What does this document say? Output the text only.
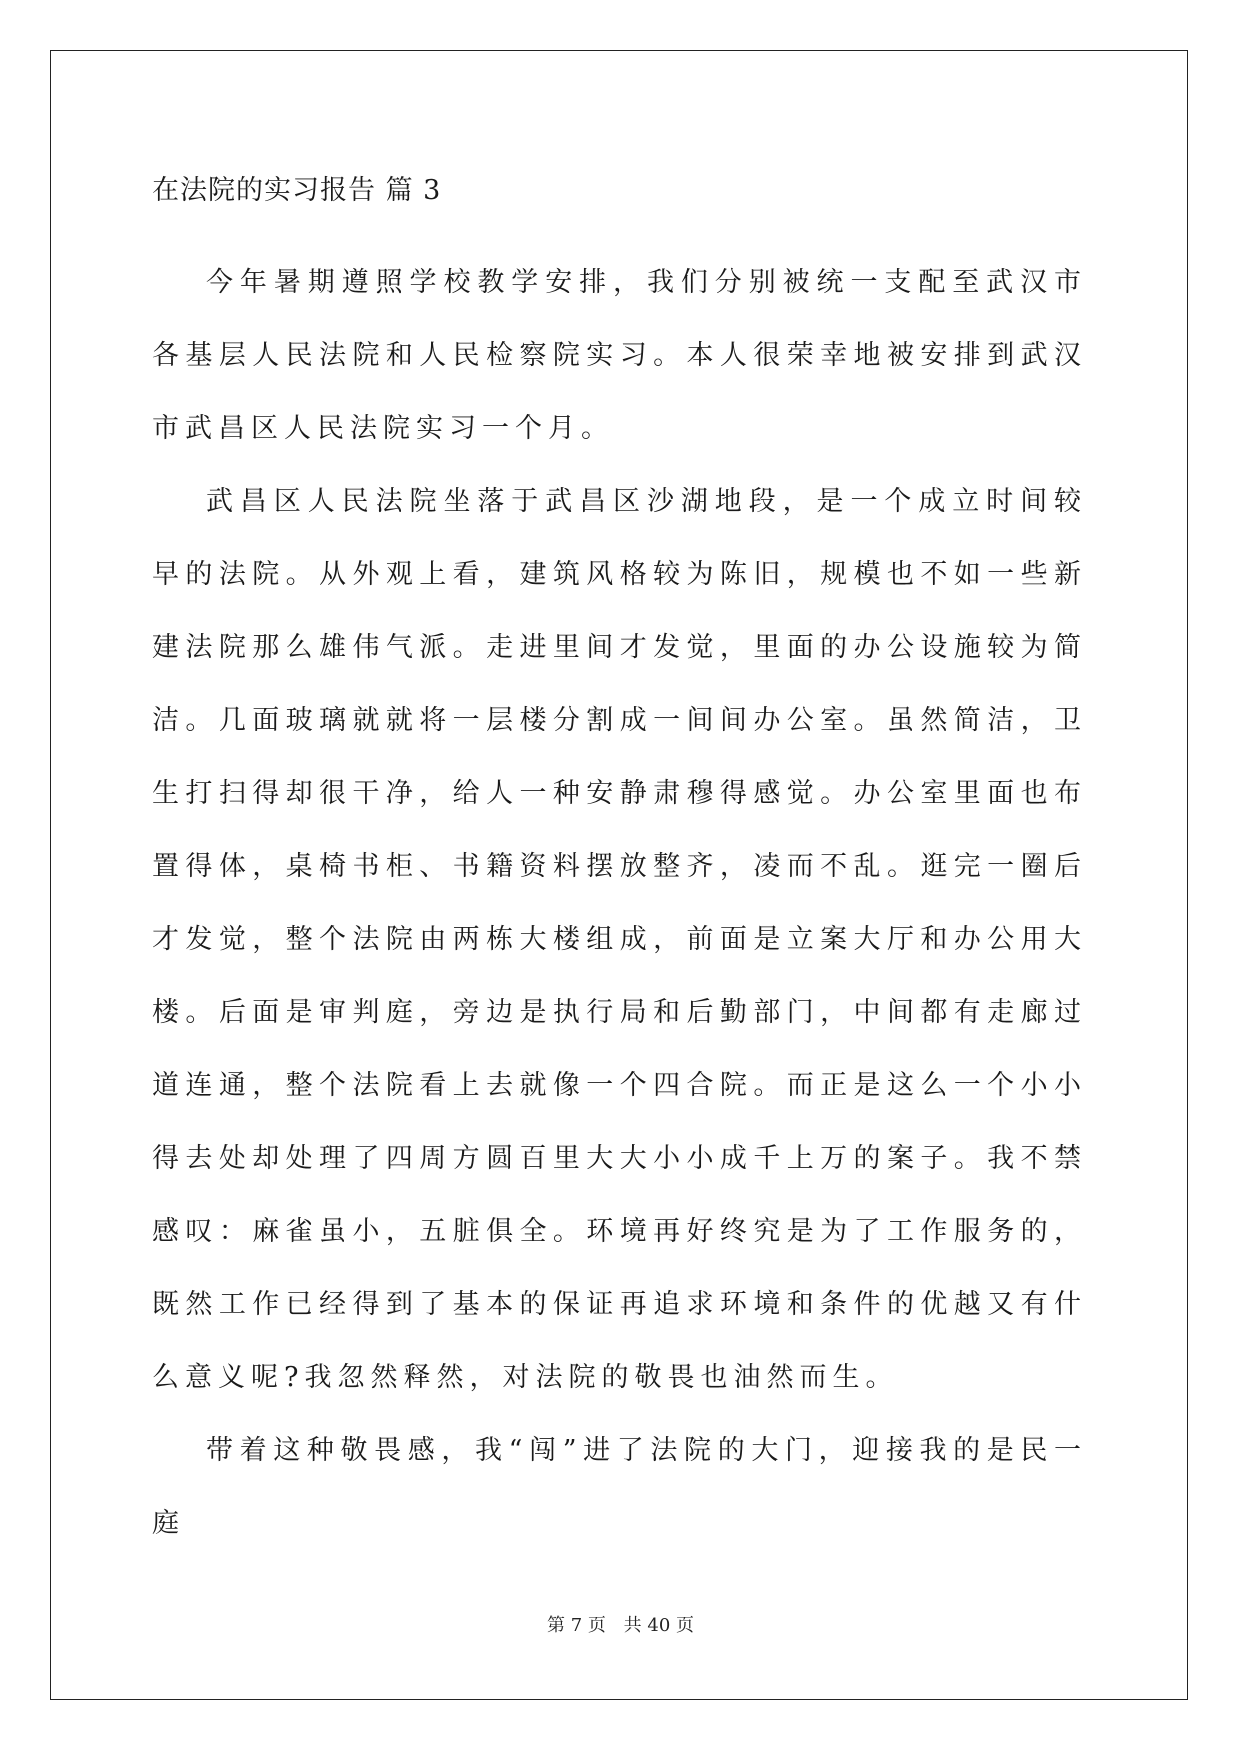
在法院的实习报告 篇 3

今年暑期遵照学校教学安排，我们分别被统一支配至武汉市各基层人民法院和人民检察院实习。本人很荣幸地被安排到武汉市武昌区人民法院实习一个月。

武昌区人民法院坐落于武昌区沙湖地段，是一个成立时间较早的法院。从外观上看，建筑风格较为陈旧，规模也不如一些新建法院那么雄伟气派。走进里间才发觉，里面的办公设施较为简洁。几面玻璃就就将一层楼分割成一间间办公室。虽然简洁，卫生打扫得却很干净，给人一种安静肃穆得感觉。办公室里面也布置得体，桌椅书柜、书籍资料摆放整齐，凌而不乱。逛完一圈后才发觉，整个法院由两栋大楼组成，前面是立案大厅和办公用大楼。后面是审判庭，旁边是执行局和后勤部门，中间都有走廊过道连通，整个法院看上去就像一个四合院。而正是这么一个小小得去处却处理了四周方圆百里大大小小成千上万的案子。我不禁感叹：麻雀虽小，五脏俱全。环境再好终究是为了工作服务的，既然工作已经得到了基本的保证再追求环境和条件的优越又有什么意义呢?我忽然释然，对法院的敬畏也油然而生。

带着这种敬畏感，我“闯”进了法院的大门，迎接我的是民一庭

第 7 页 共 40 页
